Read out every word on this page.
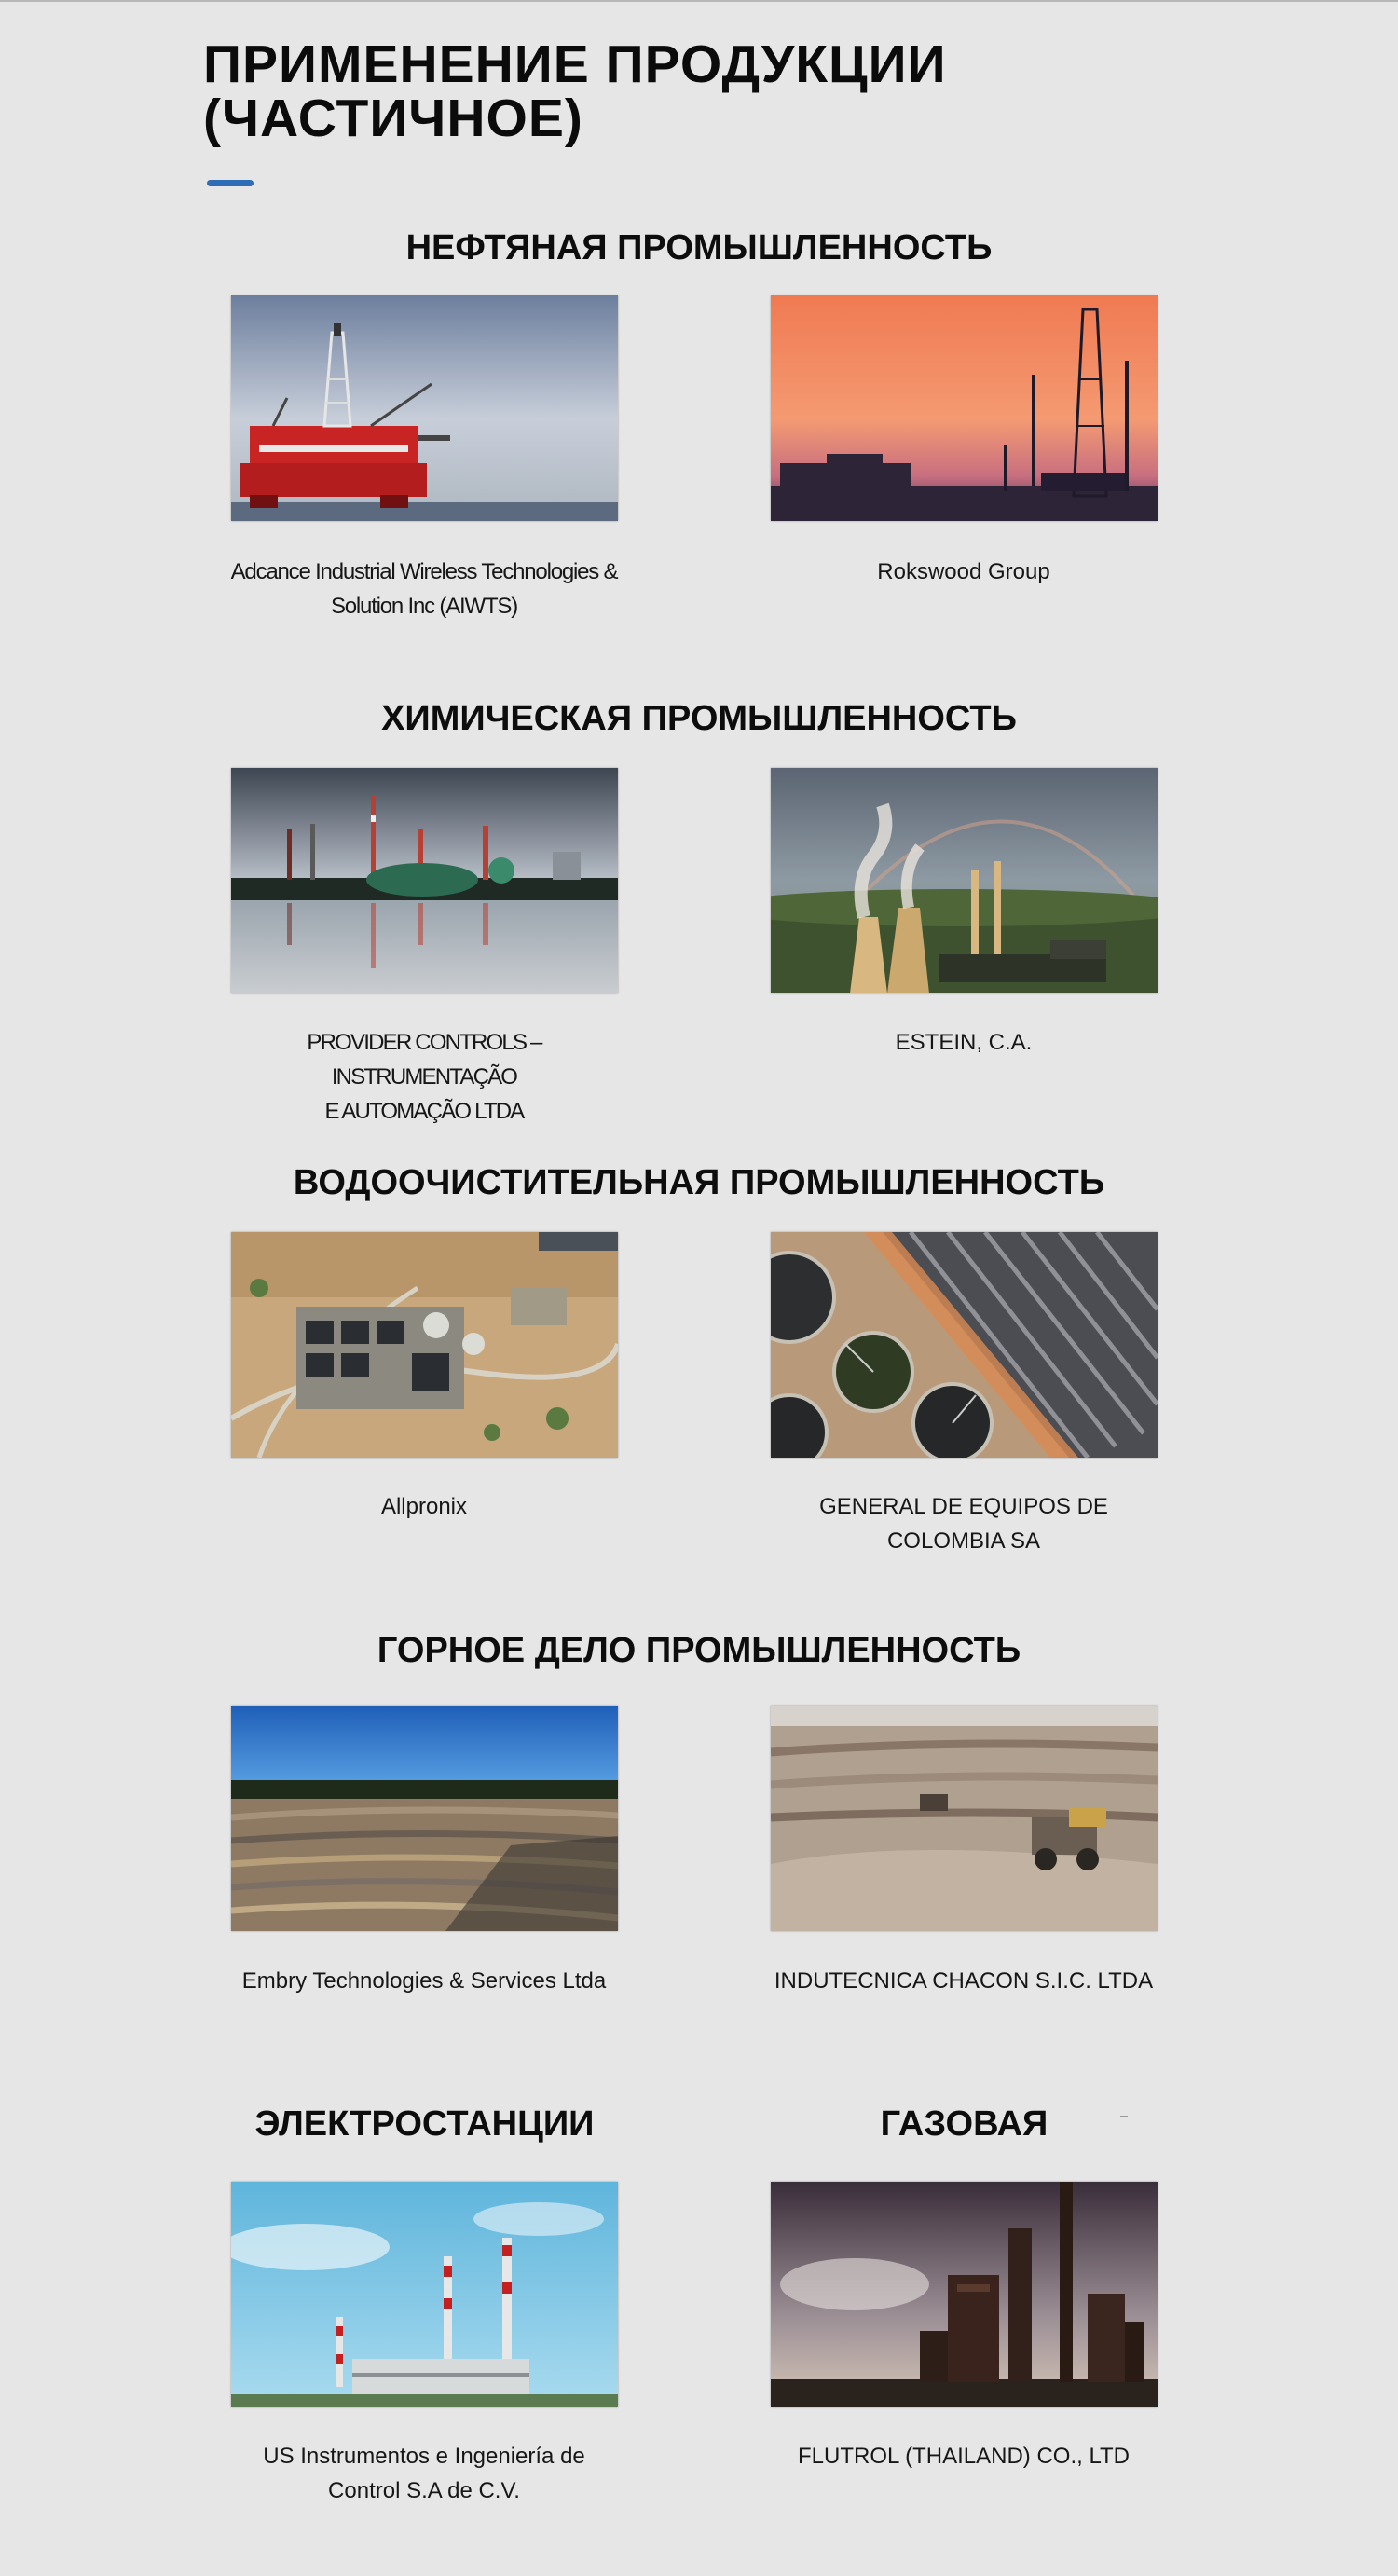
ПРИМЕНЕНИЕ ПРОДУКЦИИ
(ЧАСТИЧНОЕ)
НЕФТЯНАЯ ПРОМЫШЛЕННОСТЬ
Adcance Industrial Wireless Technologies &
Solution Inc (AIWTS)
Rokswood Group
ХИМИЧЕСКАЯ ПРОМЫШЛЕННОСТЬ
PROVIDER CONTROLS – INSTRUMENTAÇÃO
E AUTOMAÇÃO LTDA
ESTEIN, C.A.
ВОДООЧИСТИТЕЛЬНАЯ ПРОМЫШЛЕННОСТЬ
Allpronix	GENERAL DE EQUIPOS DE
COLOMBIA SA
ГОРНОЕ ДЕЛО ПРОМЫШЛЕННОСТЬ
Embry Technologies & Services Ltda	INDUTECNICA CHACON S.I.C. LTDA
ЭЛЕКТРОСТАНЦИИ	ГАЗОВАЯ
US Instrumentos e Ingeniería de
Control S.A de C.V.
FLUTROL (THAILAND) CO., LTD
